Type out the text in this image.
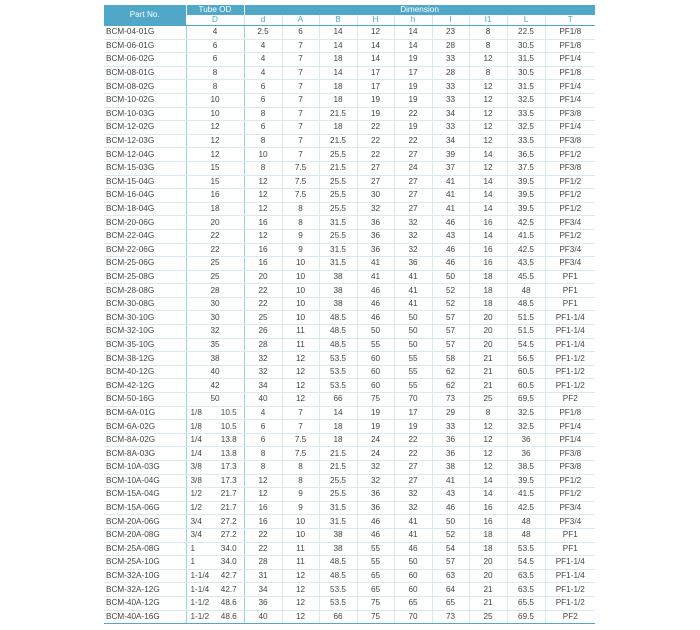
Part No.	Tube OD		Dimension								
	D		d	A	B	H	h	I	I1	L	T
BCM-04-01G	4		2.5	6	14	12	14	23	8	22.5	PF1/8
BCM-06-01G	6		4	7	14	14	14	28	8	30.5	PF1/8
BCM-06-02G	6		4	7	18	14	19	33	12	31.5	PF1/4
BCM-08-01G	8		4	7	14	17	17	28	8	30.5	PF1/8
BCM-08-02G	8		6	7	18	17	19	33	12	31.5	PF1/4
BCM-10-02G	10		6	7	18	19	19	33	12	32.5	PF1/4
BCM-10-03G	10		8	7	21.5	19	22	34	12	33.5	PF3/8
BCM-12-02G	12		6	7	18	22	19	33	12	32.5	PF1/4
BCM-12-03G	12		8	7	21.5	22	22	34	12	33.5	PF3/8
BCM-12-04G	12		10	7	25.5	22	27	39	14	36.5	PF1/2
BCM-15-03G	15		8	7.5	21.5	27	24	37	12	37.5	PF3/8
BCM-15-04G	15		12	7.5	25.5	27	27	41	14	39.5	PF1/2
BCM-16-04G	16		12	7.5	25.5	30	27	41	14	39.5	PF1/2
BCM-18-04G	18		12	8	25.5	32	27	41	14	39.5	PF1/2
BCM-20-06G	20		16	8	31.5	36	32	46	16	42.5	PF3/4
BCM-22-04G	22		12	9	25.5	36	32	43	14	41.5	PF1/2
BCM-22-06G	22		16	9	31.5	36	32	46	16	42.5	PF3/4
BCM-25-06G	25		16	10	31.5	41	36	46	16	43.5	PF3/4
BCM-25-08G	25		20	10	38	41	41	50	18	45.5	PF1
BCM-28-08G	28		22	10	38	46	41	52	18	48	PF1
BCM-30-08G	30		22	10	38	46	41	52	18	48.5	PF1
BCM-30-10G	30		25	10	48.5	46	50	57	20	51.5	PF1-1/4
BCM-32-10G	32		26	11	48.5	50	50	57	20	51.5	PF1-1/4
BCM-35-10G	35		28	11	48.5	55	50	57	20	54.5	PF1-1/4
BCM-38-12G	38		32	12	53.5	60	55	58	21	56.5	PF1-1/2
BCM-40-12G	40		32	12	53.5	60	55	62	21	60.5	PF1-1/2
BCM-42-12G	42		34	12	53.5	60	55	62	21	60.5	PF1-1/2
BCM-50-16G	50		40	12	66	75	70	73	25	69.5	PF2
BCM-6A-01G	1/8	10.5	4	7	14	19	17	29	8	32.5	PF1/8
BCM-6A-02G	1/8	10.5	6	7	18	19	19	33	12	32.5	PF1/4
BCM-8A-02G	1/4	13.8	6	7.5	18	24	22	36	12	36	PF1/4
BCM-8A-03G	1/4	13.8	8	7.5	21.5	24	22	36	12	36	PF3/8
BCM-10A-03G	3/8	17.3	8	8	21.5	32	27	38	12	38.5	PF3/8
BCM-10A-04G	3/8	17.3	12	8	25.5	32	27	41	14	39.5	PF1/2
BCM-15A-04G	1/2	21.7	12	9	25.5	36	32	43	14	41.5	PF1/2
BCM-15A-06G	1/2	21.7	16	9	31.5	36	32	46	16	42.5	PF3/4
BCM-20A-06G	3/4	27.2	16	10	31.5	46	41	50	16	48	PF3/4
BCM-20A-08G	3/4	27.2	22	10	38	46	41	52	18	48	PF1
BCM-25A-08G	1	34.0	22	11	38	55	46	54	18	53.5	PF1
BCM-25A-10G	1	34.0	28	11	48.5	55	50	57	20	54.5	PF1-1/4
BCM-32A-10G	1-1/4	42.7	31	12	48.5	65	60	63	20	63.5	PF1-1/4
BCM-32A-12G	1-1/4	42.7	34	12	53.5	65	60	64	21	63.5	PF1-1/2
BCM-40A-12G	1-1/2	48.6	36	12	53.5	75	65	65	21	65.5	PF1-1/2
BCM-40A-16G	1-1/2	48.6	40	12	66	75	70	73	25	69.5	PF2
